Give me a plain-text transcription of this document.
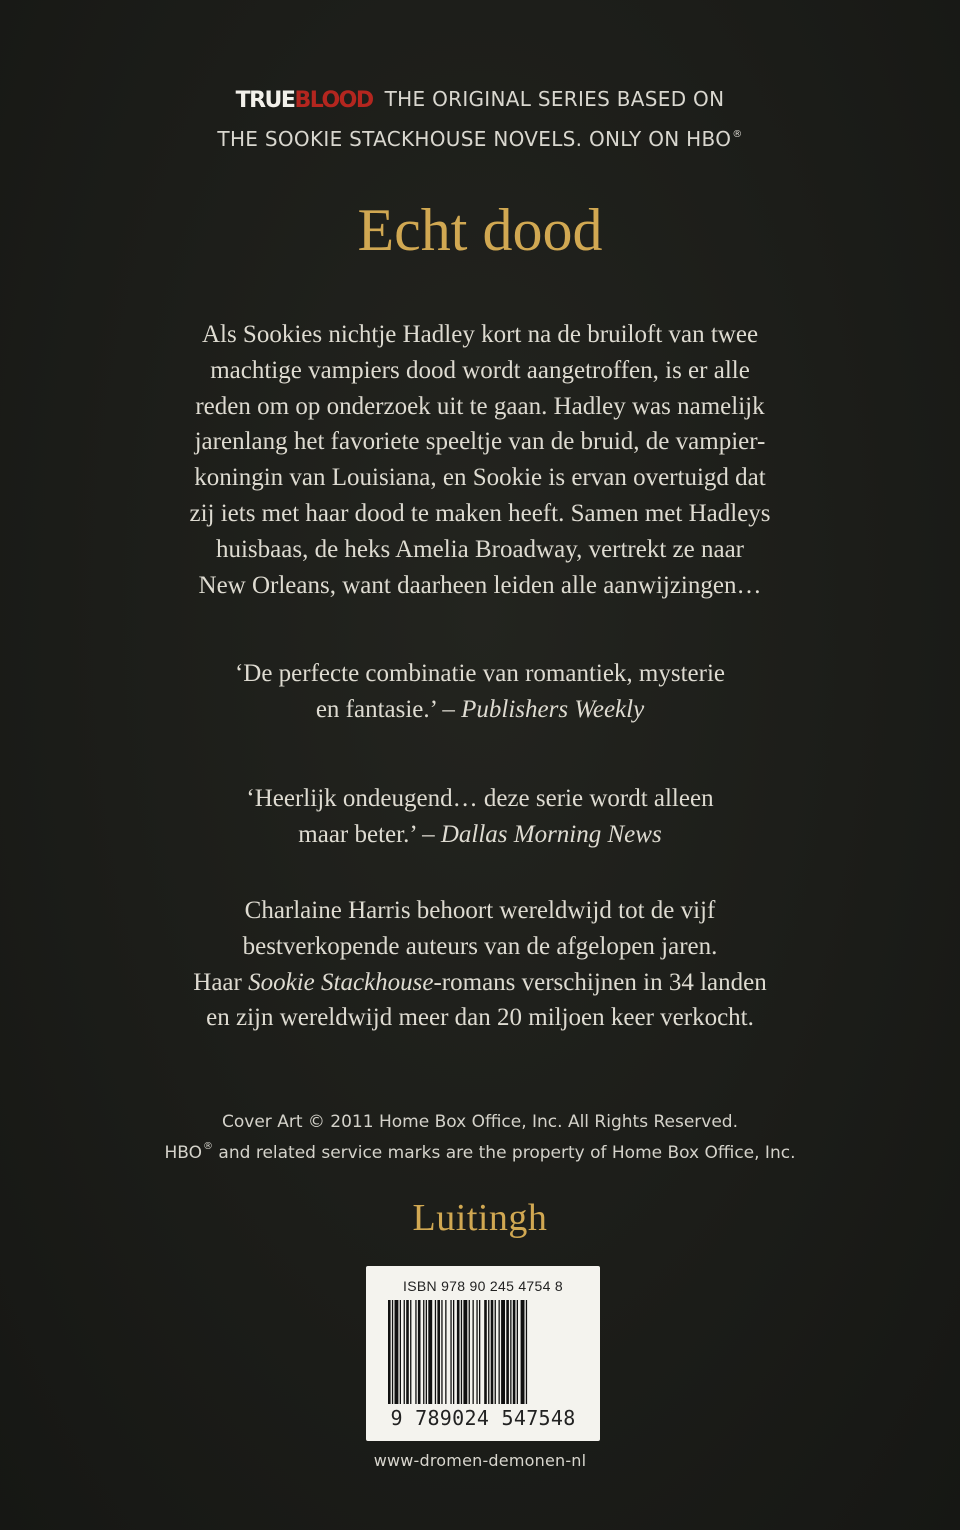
TRUEBLOOD THE ORIGINAL SERIES BASED ON
THE SOOKIE STACKHOUSE NOVELS. ONLY ON HBO®
Echt dood
Als Sookies nichtje Hadley kort na de bruiloft van twee
machtige vampiers dood wordt aangetroffen, is er alle
reden om op onderzoek uit te gaan. Hadley was namelijk
jarenlang het favoriete speeltje van de bruid, de vampier-
koningin van Louisiana, en Sookie is ervan overtuigd dat
zij iets met haar dood te maken heeft. Samen met Hadleys
huisbaas, de heks Amelia Broadway, vertrekt ze naar
New Orleans, want daarheen leiden alle aanwijzingen…
‘De perfecte combinatie van romantiek, mysterie
en fantasie.’ – Publishers Weekly
‘Heerlijk ondeugend… deze serie wordt alleen
maar beter.’ – Dallas Morning News
Charlaine Harris behoort wereldwijd tot de vijf
bestverkopende auteurs van de afgelopen jaren.
Haar Sookie Stackhouse-romans verschijnen in 34 landen
en zijn wereldwijd meer dan 20 miljoen keer verkocht.
Cover Art © 2011 Home Box Office, Inc. All Rights Reserved.
HBO® and related service marks are the property of Home Box Office, Inc.
Luitingh
ISBN 978 90 245 4754 8
9 789024 547548
www-dromen-demonen-nl
